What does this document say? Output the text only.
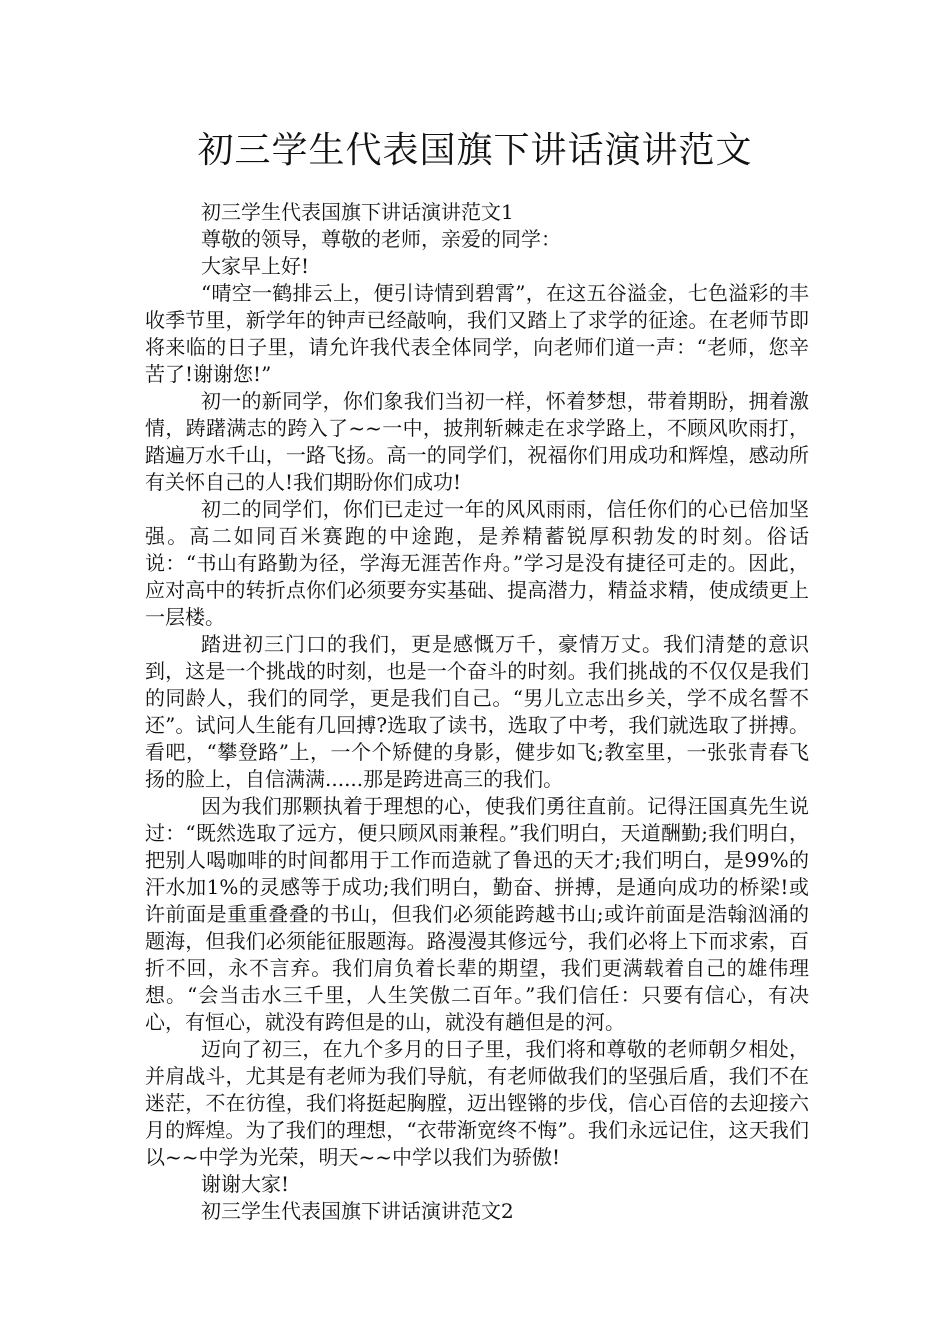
初三学生代表国旗下讲话演讲范文

初三学生代表国旗下讲话演讲范文1

尊敬的领导，尊敬的老师，亲爱的同学：

大家早上好!

“晴空一鹤排云上，便引诗情到碧霄”，在这五谷溢金，七色溢彩的丰收季节里，新学年的钟声已经敲响，我们又踏上了求学的征途。在老师节即将来临的日子里，请允许我代表全体同学，向老师们道一声：“老师，您辛苦了!谢谢您!”

初一的新同学，你们象我们当初一样，怀着梦想，带着期盼，拥着激情，踌躇满志的跨入了~~一中，披荆斩棘走在求学路上，不顾风吹雨打，踏遍万水千山，一路飞扬。高一的同学们，祝福你们用成功和辉煌，感动所有关怀自己的人!我们期盼你们成功!

初二的同学们，你们已走过一年的风风雨雨，信任你们的心已倍加坚强。高二如同百米赛跑的中途跑，是养精蓄锐厚积勃发的时刻。俗话说：“书山有路勤为径，学海无涯苦作舟。”学习是没有捷径可走的。因此，应对高中的转折点你们必须要夯实基础、提高潜力，精益求精，使成绩更上一层楼。

踏进初三门口的我们，更是感慨万千，豪情万丈。我们清楚的意识到，这是一个挑战的时刻，也是一个奋斗的时刻。我们挑战的不仅仅是我们的同龄人，我们的同学，更是我们自己。“男儿立志出乡关，学不成名誓不还”。试问人生能有几回搏?选取了读书，选取了中考，我们就选取了拼搏。看吧，“攀登路”上，一个个矫健的身影，健步如飞;教室里，一张张青春飞扬的脸上，自信满满......那是跨进高三的我们。

因为我们那颗执着于理想的心，使我们勇往直前。记得汪国真先生说过：“既然选取了远方，便只顾风雨兼程。”我们明白，天道酬勤;我们明白，把别人喝咖啡的时间都用于工作而造就了鲁迅的天才;我们明白，是99%的汗水加1%的灵感等于成功;我们明白，勤奋、拼搏，是通向成功的桥梁!或许前面是重重叠叠的书山，但我们必须能跨越书山;或许前面是浩翰汹涌的题海，但我们必须能征服题海。路漫漫其修远兮，我们必将上下而求索，百折不回，永不言弃。我们肩负着长辈的期望，我们更满载着自己的雄伟理想。“会当击水三千里，人生笑傲二百年。”我们信任：只要有信心，有决心，有恒心，就没有跨但是的山，就没有趟但是的河。

迈向了初三，在九个多月的日子里，我们将和尊敬的老师朝夕相处，并肩战斗，尤其是有老师为我们导航，有老师做我们的坚强后盾，我们不在迷茫，不在彷徨，我们将挺起胸膛，迈出铿锵的步伐，信心百倍的去迎接六月的辉煌。为了我们的理想，“衣带渐宽终不悔”。我们永远记住，这天我们以~~中学为光荣，明天~~中学以我们为骄傲!

谢谢大家!

初三学生代表国旗下讲话演讲范文2
